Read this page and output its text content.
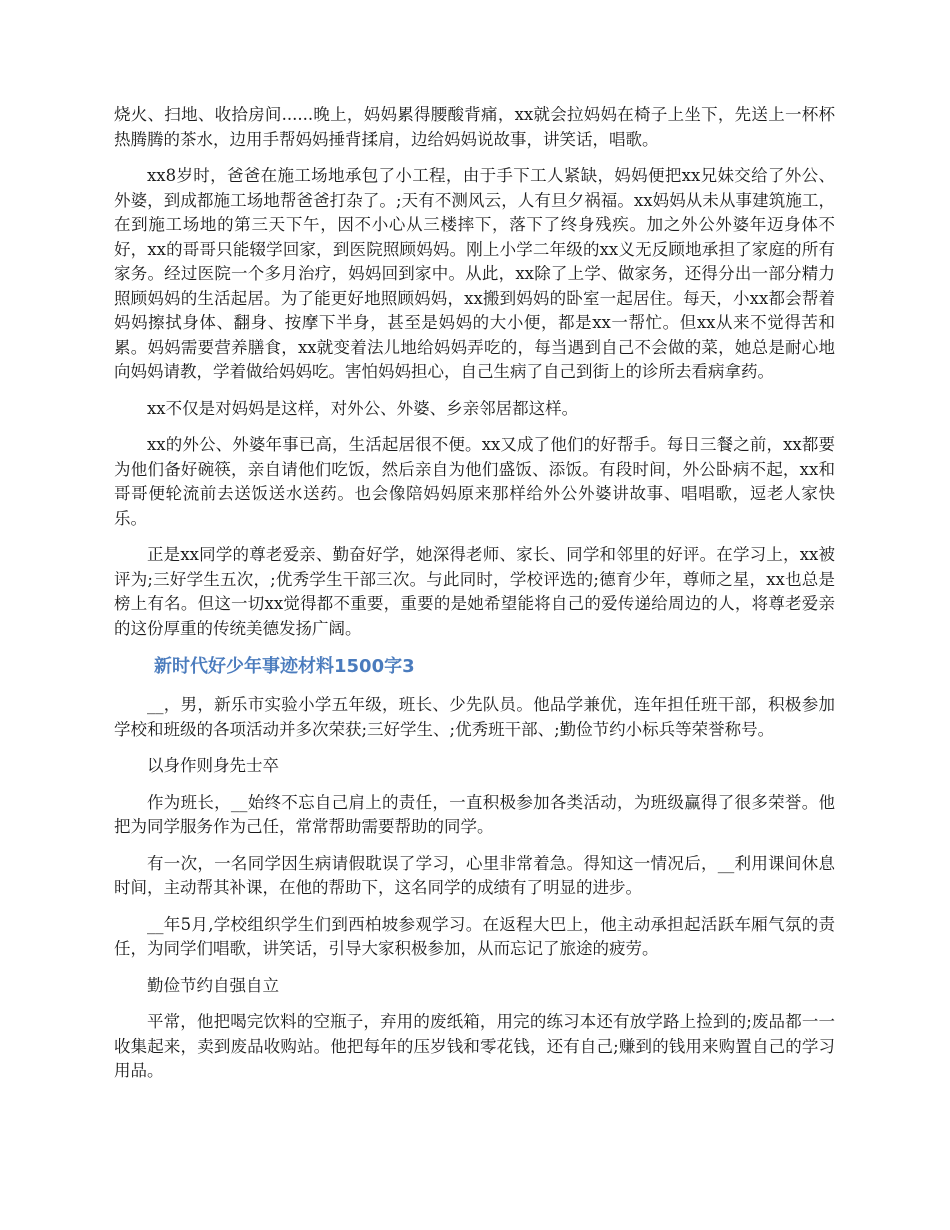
烧火、扫地、收拾房间......晚上，妈妈累得腰酸背痛，xx就会拉妈妈在椅子上坐下，先送上一杯杯热腾腾的茶水，边用手帮妈妈捶背揉肩，边给妈妈说故事，讲笑话，唱歌。

xx8岁时，爸爸在施工场地承包了小工程，由于手下工人紧缺，妈妈便把xx兄妹交给了外公、外婆，到成都施工场地帮爸爸打杂了。;天有不测风云，人有旦夕祸福。xx妈妈从未从事建筑施工，在到施工场地的第三天下午，因不小心从三楼摔下，落下了终身残疾。加之外公外婆年迈身体不好，xx的哥哥只能辍学回家，到医院照顾妈妈。刚上小学二年级的xx义无反顾地承担了家庭的所有家务。经过医院一个多月治疗，妈妈回到家中。从此，xx除了上学、做家务，还得分出一部分精力照顾妈妈的生活起居。为了能更好地照顾妈妈，xx搬到妈妈的卧室一起居住。每天，小xx都会帮着妈妈擦拭身体、翻身、按摩下半身，甚至是妈妈的大小便，都是xx一帮忙。但xx从来不觉得苦和累。妈妈需要营养膳食，xx就变着法儿地给妈妈弄吃的，每当遇到自己不会做的菜，她总是耐心地向妈妈请教，学着做给妈妈吃。害怕妈妈担心，自己生病了自己到街上的诊所去看病拿药。

xx不仅是对妈妈是这样，对外公、外婆、乡亲邻居都这样。

xx的外公、外婆年事已高，生活起居很不便。xx又成了他们的好帮手。每日三餐之前，xx都要为他们备好碗筷，亲自请他们吃饭，然后亲自为他们盛饭、添饭。有段时间，外公卧病不起，xx和哥哥便轮流前去送饭送水送药。也会像陪妈妈原来那样给外公外婆讲故事、唱唱歌，逗老人家快乐。

正是xx同学的尊老爱亲、勤奋好学，她深得老师、家长、同学和邻里的好评。在学习上，xx被评为;三好学生五次，;优秀学生干部三次。与此同时，学校评选的;德育少年，尊师之星，xx也总是榜上有名。但这一切xx觉得都不重要，重要的是她希望能将自己的爱传递给周边的人，将尊老爱亲的这份厚重的传统美德发扬广阔。

新时代好少年事迹材料1500字3

__，男，新乐市实验小学五年级，班长、少先队员。他品学兼优，连年担任班干部，积极参加学校和班级的各项活动并多次荣获;三好学生、;优秀班干部、;勤俭节约小标兵等荣誉称号。

以身作则身先士卒

作为班长，__始终不忘自己肩上的责任，一直积极参加各类活动，为班级赢得了很多荣誉。他把为同学服务作为己任，常常帮助需要帮助的同学。

有一次，一名同学因生病请假耽误了学习，心里非常着急。得知这一情况后，__利用课间休息时间，主动帮其补课，在他的帮助下，这名同学的成绩有了明显的进步。

__年5月,学校组织学生们到西柏坡参观学习。在返程大巴上，他主动承担起活跃车厢气氛的责任，为同学们唱歌，讲笑话，引导大家积极参加，从而忘记了旅途的疲劳。

勤俭节约自强自立

平常，他把喝完饮料的空瓶子，弃用的废纸箱，用完的练习本还有放学路上捡到的;废品都一一收集起来，卖到废品收购站。他把每年的压岁钱和零花钱，还有自己;赚到的钱用来购置自己的学习用品。
